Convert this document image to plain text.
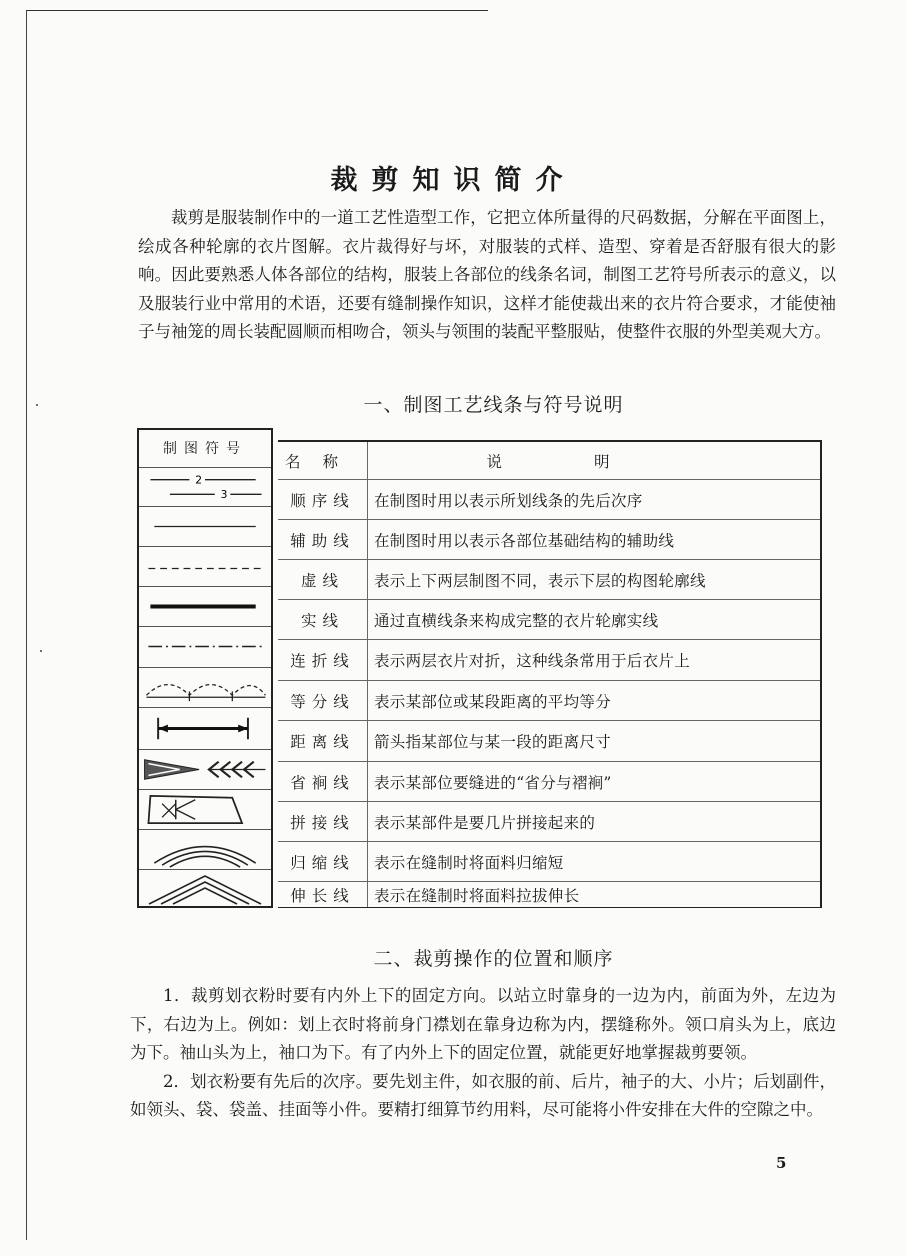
裁剪知识简介

裁剪是服装制作中的一道工艺性造型工作，它把立体所量得的尺码数据，分解在平面图上，绘成各种轮廓的衣片图解。衣片裁得好与坏，对服装的式样、造型、穿着是否舒服有很大的影响。因此要熟悉人体各部位的结构，服装上各部位的线条名词，制图工艺符号所表示的意义，以及服装行业中常用的术语，还要有缝制操作知识，这样才能使裁出来的衣片符合要求，才能使袖子与袖笼的周长装配圆顺而相吻合，领头与领围的装配平整服贴，使整件衣服的外型美观大方。

一、制图工艺线条与符号说明
制图符号
2
3
名称	说明
顺序线	在制图时用以表示所划线条的先后次序
辅助线	在制图时用以表示各部位基础结构的辅助线
虚线	表示上下两层制图不同，表示下层的构图轮廓线
实线	通过直横线条来构成完整的衣片轮廓实线
连折线	表示两层衣片对折，这种线条常用于后衣片上
等分线	表示某部位或某段距离的平均等分
距离线	箭头指某部位与某一段的距离尺寸
省裥线	表示某部位要缝进的“省分与褶裥”
拼接线	表示某部件是要几片拼接起来的
归缩线	表示在缝制时将面料归缩短
伸长线	表示在缝制时将面料拉拔伸长
二、裁剪操作的位置和顺序

1．裁剪划衣粉时要有内外上下的固定方向。以站立时靠身的一边为内，前面为外，左边为下，右边为上。例如：划上衣时将前身门襟划在靠身边称为内，摆缝称外。领口肩头为上，底边为下。袖山头为上，袖口为下。有了内外上下的固定位置，就能更好地掌握裁剪要领。

2．划衣粉要有先后的次序。要先划主件，如衣服的前、后片，袖子的大、小片；后划副件，如领头、袋、袋盖、挂面等小件。要精打细算节约用料，尽可能将小件安排在大件的空隙之中。

5
